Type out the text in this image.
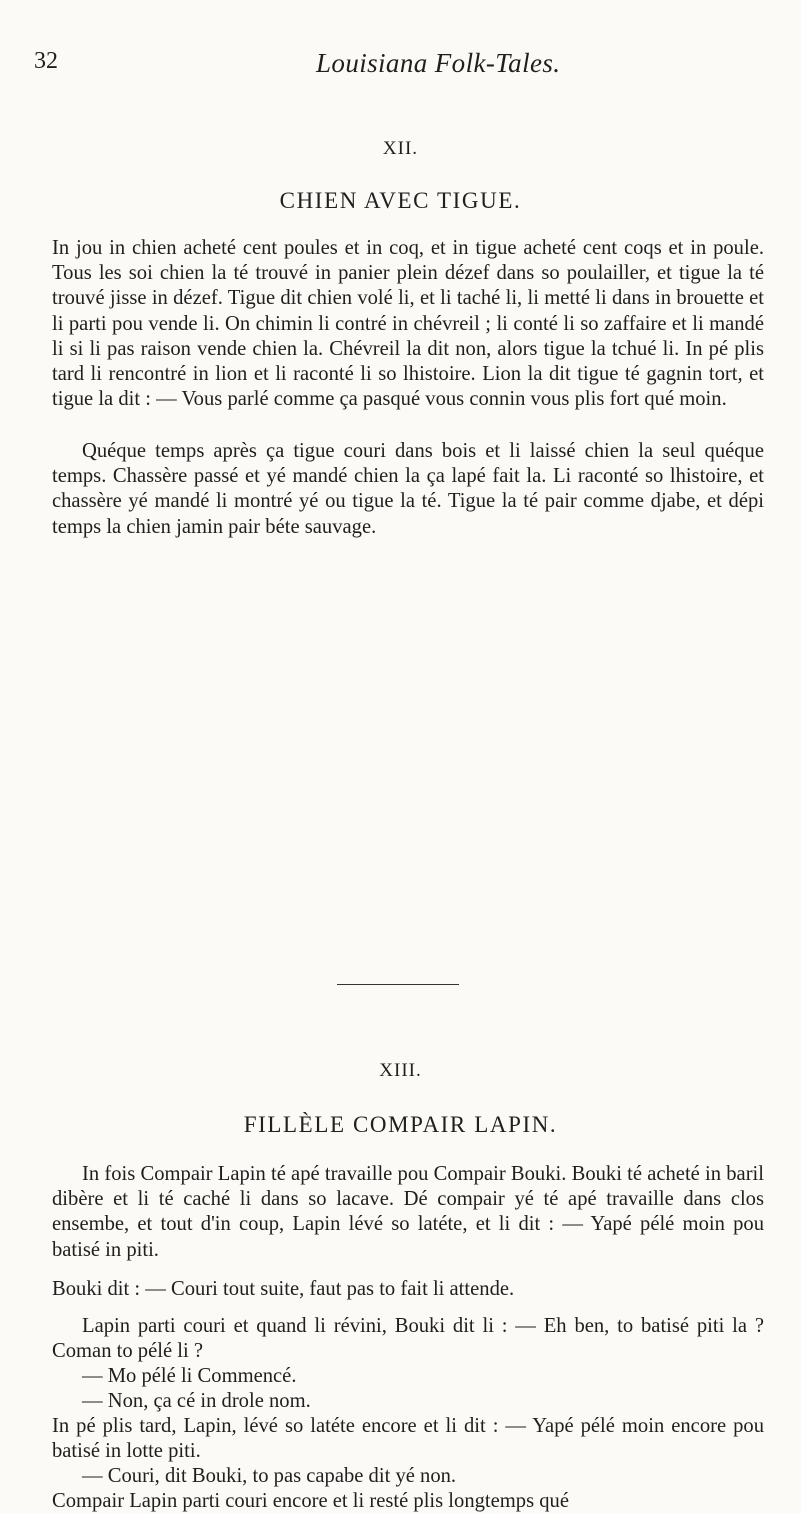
32	Louisiana Folk-Tales.
XII.
CHIEN AVEC TIGUE.

In jou in chien acheté cent poules et in coq, et in tigue acheté cent coqs et in poule. Tous les soi chien la té trouvé in panier plein dézef dans so poulailler, et tigue la té trouvé jisse in dézef. Tigue dit chien volé li, et li taché li, li metté li dans in brouette et li parti pou vende li. On chimin li contré in chévreil ; li conté li so zaffaire et li mandé li si li pas raison vende chien la. Chévreil la dit non, alors tigue la tchué li. In pé plis tard li rencontré in lion et li raconté li so lhistoire. Lion la dit tigue té gagnin tort, et tigue la dit : — Vous parlé comme ça pasqué vous connin vous plis fort qué moin.

Quéque temps après ça tigue couri dans bois et li laissé chien la seul quéque temps. Chassère passé et yé mandé chien la ça lapé fait la. Li raconté so lhistoire, et chassère yé mandé li montré yé ou tigue la té. Tigue la té pair comme djabe, et dépi temps la chien jamin pair béte sauvage.

XIII.
FILLÈLE COMPAIR LAPIN.

In fois Compair Lapin té apé travaille pou Compair Bouki. Bouki té acheté in baril dibère et li té caché li dans so lacave. Dé compair yé té apé travaille dans clos ensembe, et tout d'in coup, Lapin lévé so latéte, et li dit : — Yapé pélé moin pou batisé in piti.

Bouki dit : — Couri tout suite, faut pas to fait li attende.

Lapin parti couri et quand li révini, Bouki dit li : — Eh ben, to batisé piti la ? Coman to pélé li ?

— Mo pélé li Commencé.

— Non, ça cé in drole nom.

In pé plis tard, Lapin, lévé so latéte encore et li dit : — Yapé pélé moin encore pou batisé in lotte piti.

— Couri, dit Bouki, to pas capabe dit yé non.

Compair Lapin parti couri encore et li resté plis longtemps qué
